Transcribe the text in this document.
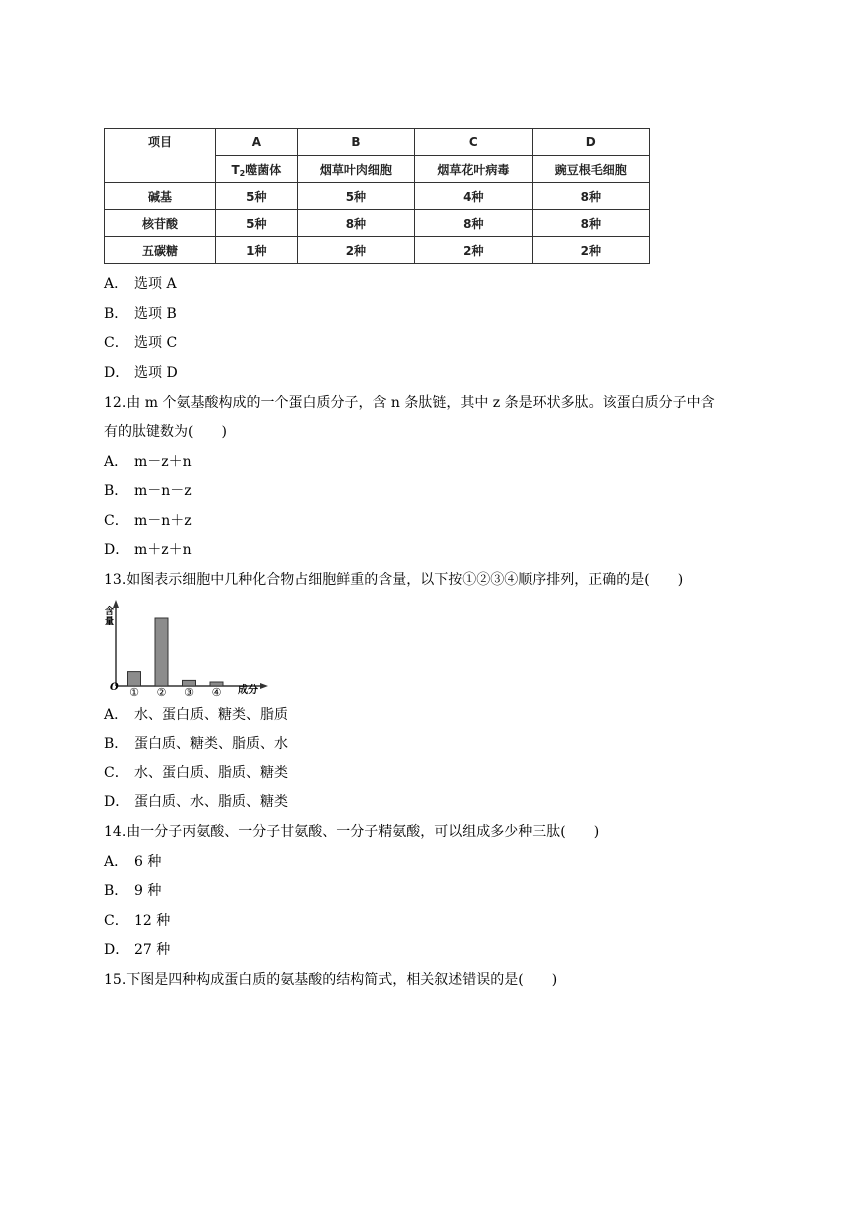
项目	A	B	C	D
	$T_2$噬菌体	烟草叶肉细胞	烟草花叶病毒	豌豆根毛细胞
碱基	5种	5种	4种	8种
核苷酸	5种	8种	8种	8种
五碳糖	1种	2种	2种	2种
A． 选项 A
B． 选项 B
C． 选项 C
D． 选项 D
12.由 m 个氨基酸构成的一个蛋白质分子，含 n 条肽链，其中 z 条是环状多肽。该蛋白质分子中含
有的肽键数为(　　)
A． m－z＋n
B． m－n－z
C． m－n＋z
D． m＋z＋n
13.如图表示细胞中几种化合物占细胞鲜重的含量，以下按①②③④顺序排列，正确的是(　　)
含
量
O	成分
① ② ③ ④
A． 水、蛋白质、糖类、脂质
B． 蛋白质、糖类、脂质、水
C． 水、蛋白质、脂质、糖类
D． 蛋白质、水、脂质、糖类
14.由一分子丙氨酸、一分子甘氨酸、一分子精氨酸，可以组成多少种三肽(　　)
A． 6 种
B． 9 种
C． 12 种
D． 27 种
15.下图是四种构成蛋白质的氨基酸的结构简式，相关叙述错误的是(　　)
